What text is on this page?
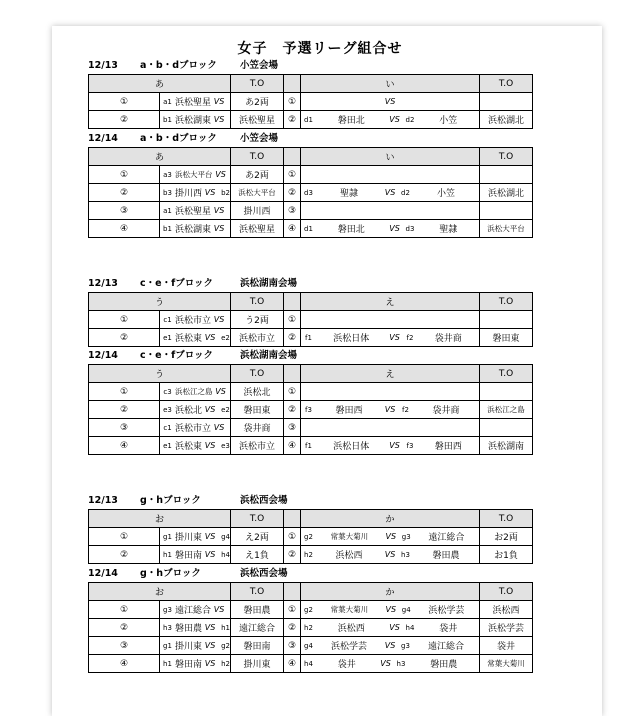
女子　予選リーグ組合せ
12/13 a・b・dブロック 小笠会場
あ		T.O		い	T.O
①	a1 浜松聖星 VS	あ2両	①	VS	

②	b1 浜松湖東 VS	浜松聖星	②	d1 磐田北 VS d2 小笠	浜松湖北
12/14 a・b・dブロック 小笠会場
あ		T.O		い	T.O
①	a3 浜松大平台 VS	あ2両	①	

②	b3 掛川西 VS b2	浜松大平台	②	d3 聖隷 VS d2 小笠	浜松湖北
③	a1 浜松聖星 VS	掛川西	③	

④	b1 浜松湖東 VS	浜松聖星	④	d1 磐田北 VS d3 聖隷	浜松大平台
12/13 c・e・fブロック	浜松湖南会場
う		T.O		え	T.O
①	c1 浜松市立 VS	う2両	①	

②	e1 浜松東 VS e2	浜松市立	②	f1 浜松日体 VS f2 袋井商	磐田東
12/14 c・e・fブロック	浜松湖南会場
う		T.O		え	T.O
①	c3 浜松江之島 VS	浜松北	①	

②	e3 浜松北 VS e2	磐田東	②	f3 磐田西 VS f2 袋井商	浜松江之島
③	c1 浜松市立 VS	袋井商	③	

④	e1 浜松東 VS e3	浜松市立	④	f1 浜松日体 VS f3 磐田西	浜松湖南
12/13 g・hブロック	浜松西会場
お		T.O		か	T.O
①	g1 掛川東 VS g4	え2両	①	g2 常葉大菊川 VS g3 遠江総合	お2両
②	h1 磐田南 VS h4	え1負	②	h2 浜松西 VS h3 磐田農	お1負
12/14 g・hブロック	浜松西会場
お		T.O		か	T.O
①	g3 遠江総合 VS	磐田農	①	g2 常葉大菊川 VS g4 浜松学芸	浜松西
②	h3 磐田農 VS h1	遠江総合	②	h2 浜松西 VS h4 袋井	浜松学芸
③	g1 掛川東 VS g2	磐田南	③	g4 浜松学芸 VS g3 遠江総合	袋井
④	h1 磐田南 VS h2	掛川東	④	h4 袋井 VS h3 磐田農	常葉大菊川
